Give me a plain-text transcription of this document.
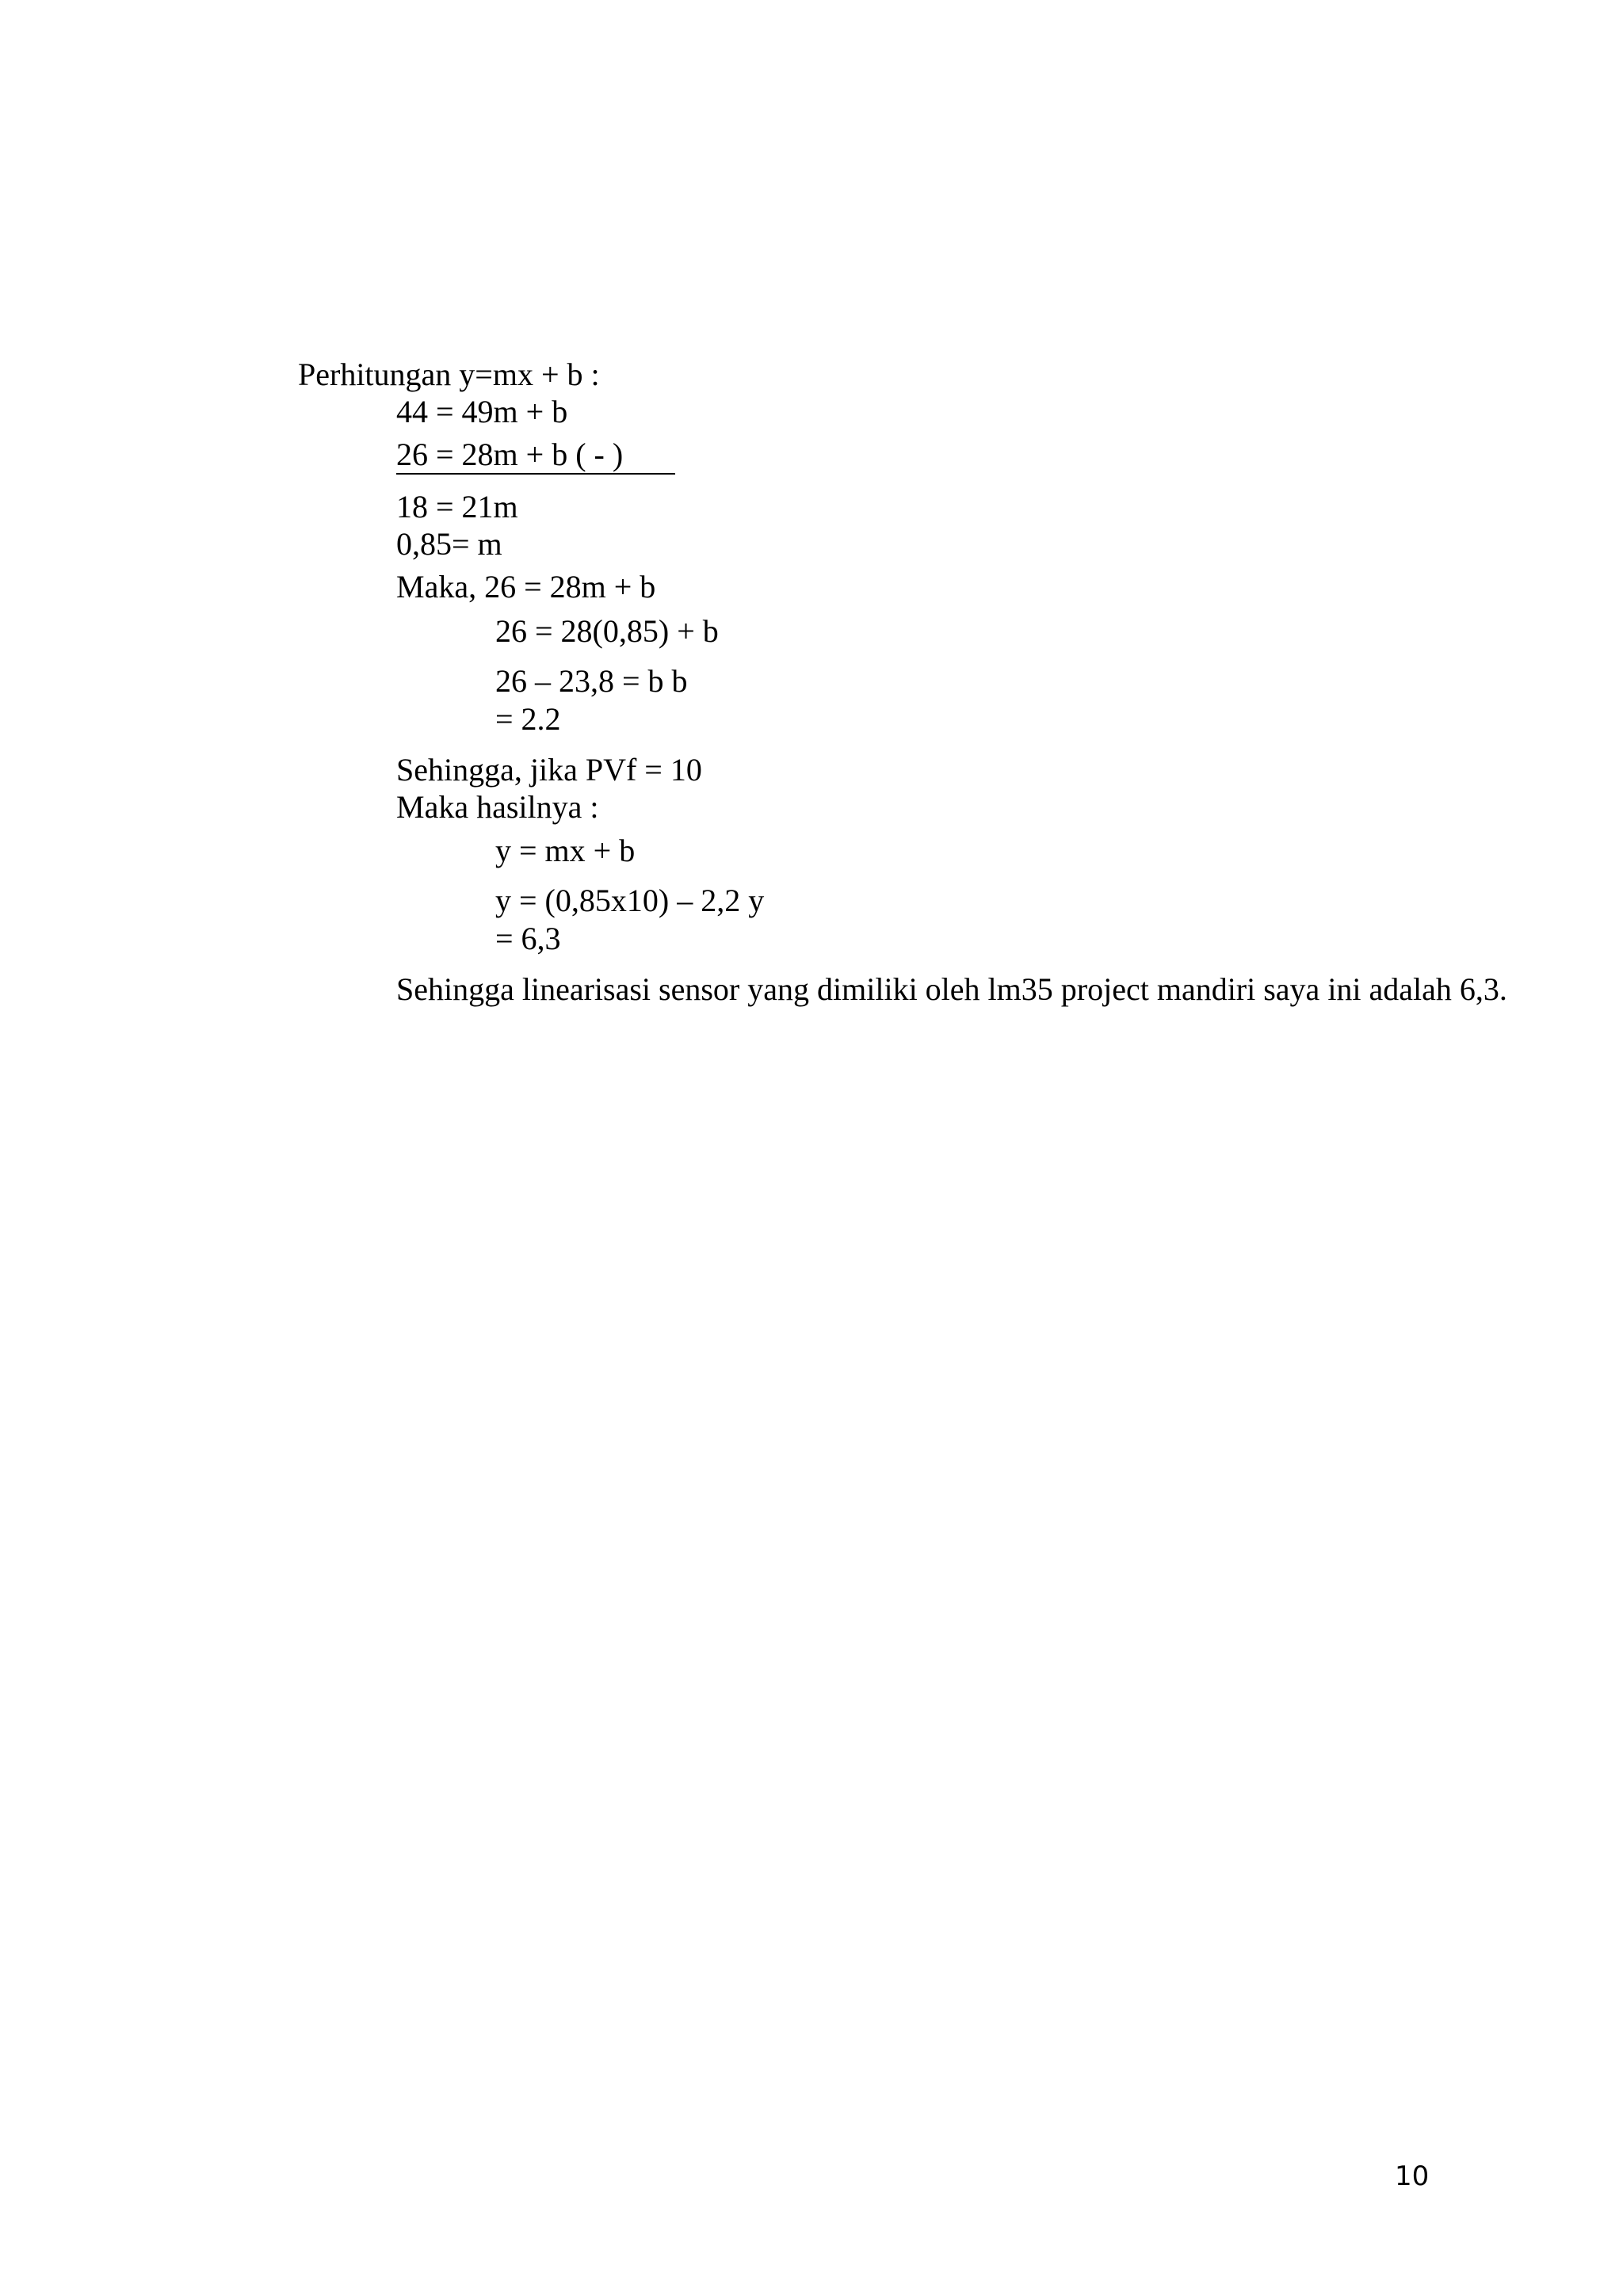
Perhitungan y=mx + b :
44 = 49m + b
26 = 28m + b ( - )
18 = 21m
0,85= m
Maka, 26 = 28m + b
26 = 28(0,85) + b
26 – 23,8 = b b
= 2.2
Sehingga, jika PVf = 10
Maka hasilnya :
y = mx + b
y = (0,85x10) – 2,2 y
= 6,3
Sehingga linearisasi sensor yang dimiliki oleh lm35 project mandiri saya ini adalah 6,3.
10
